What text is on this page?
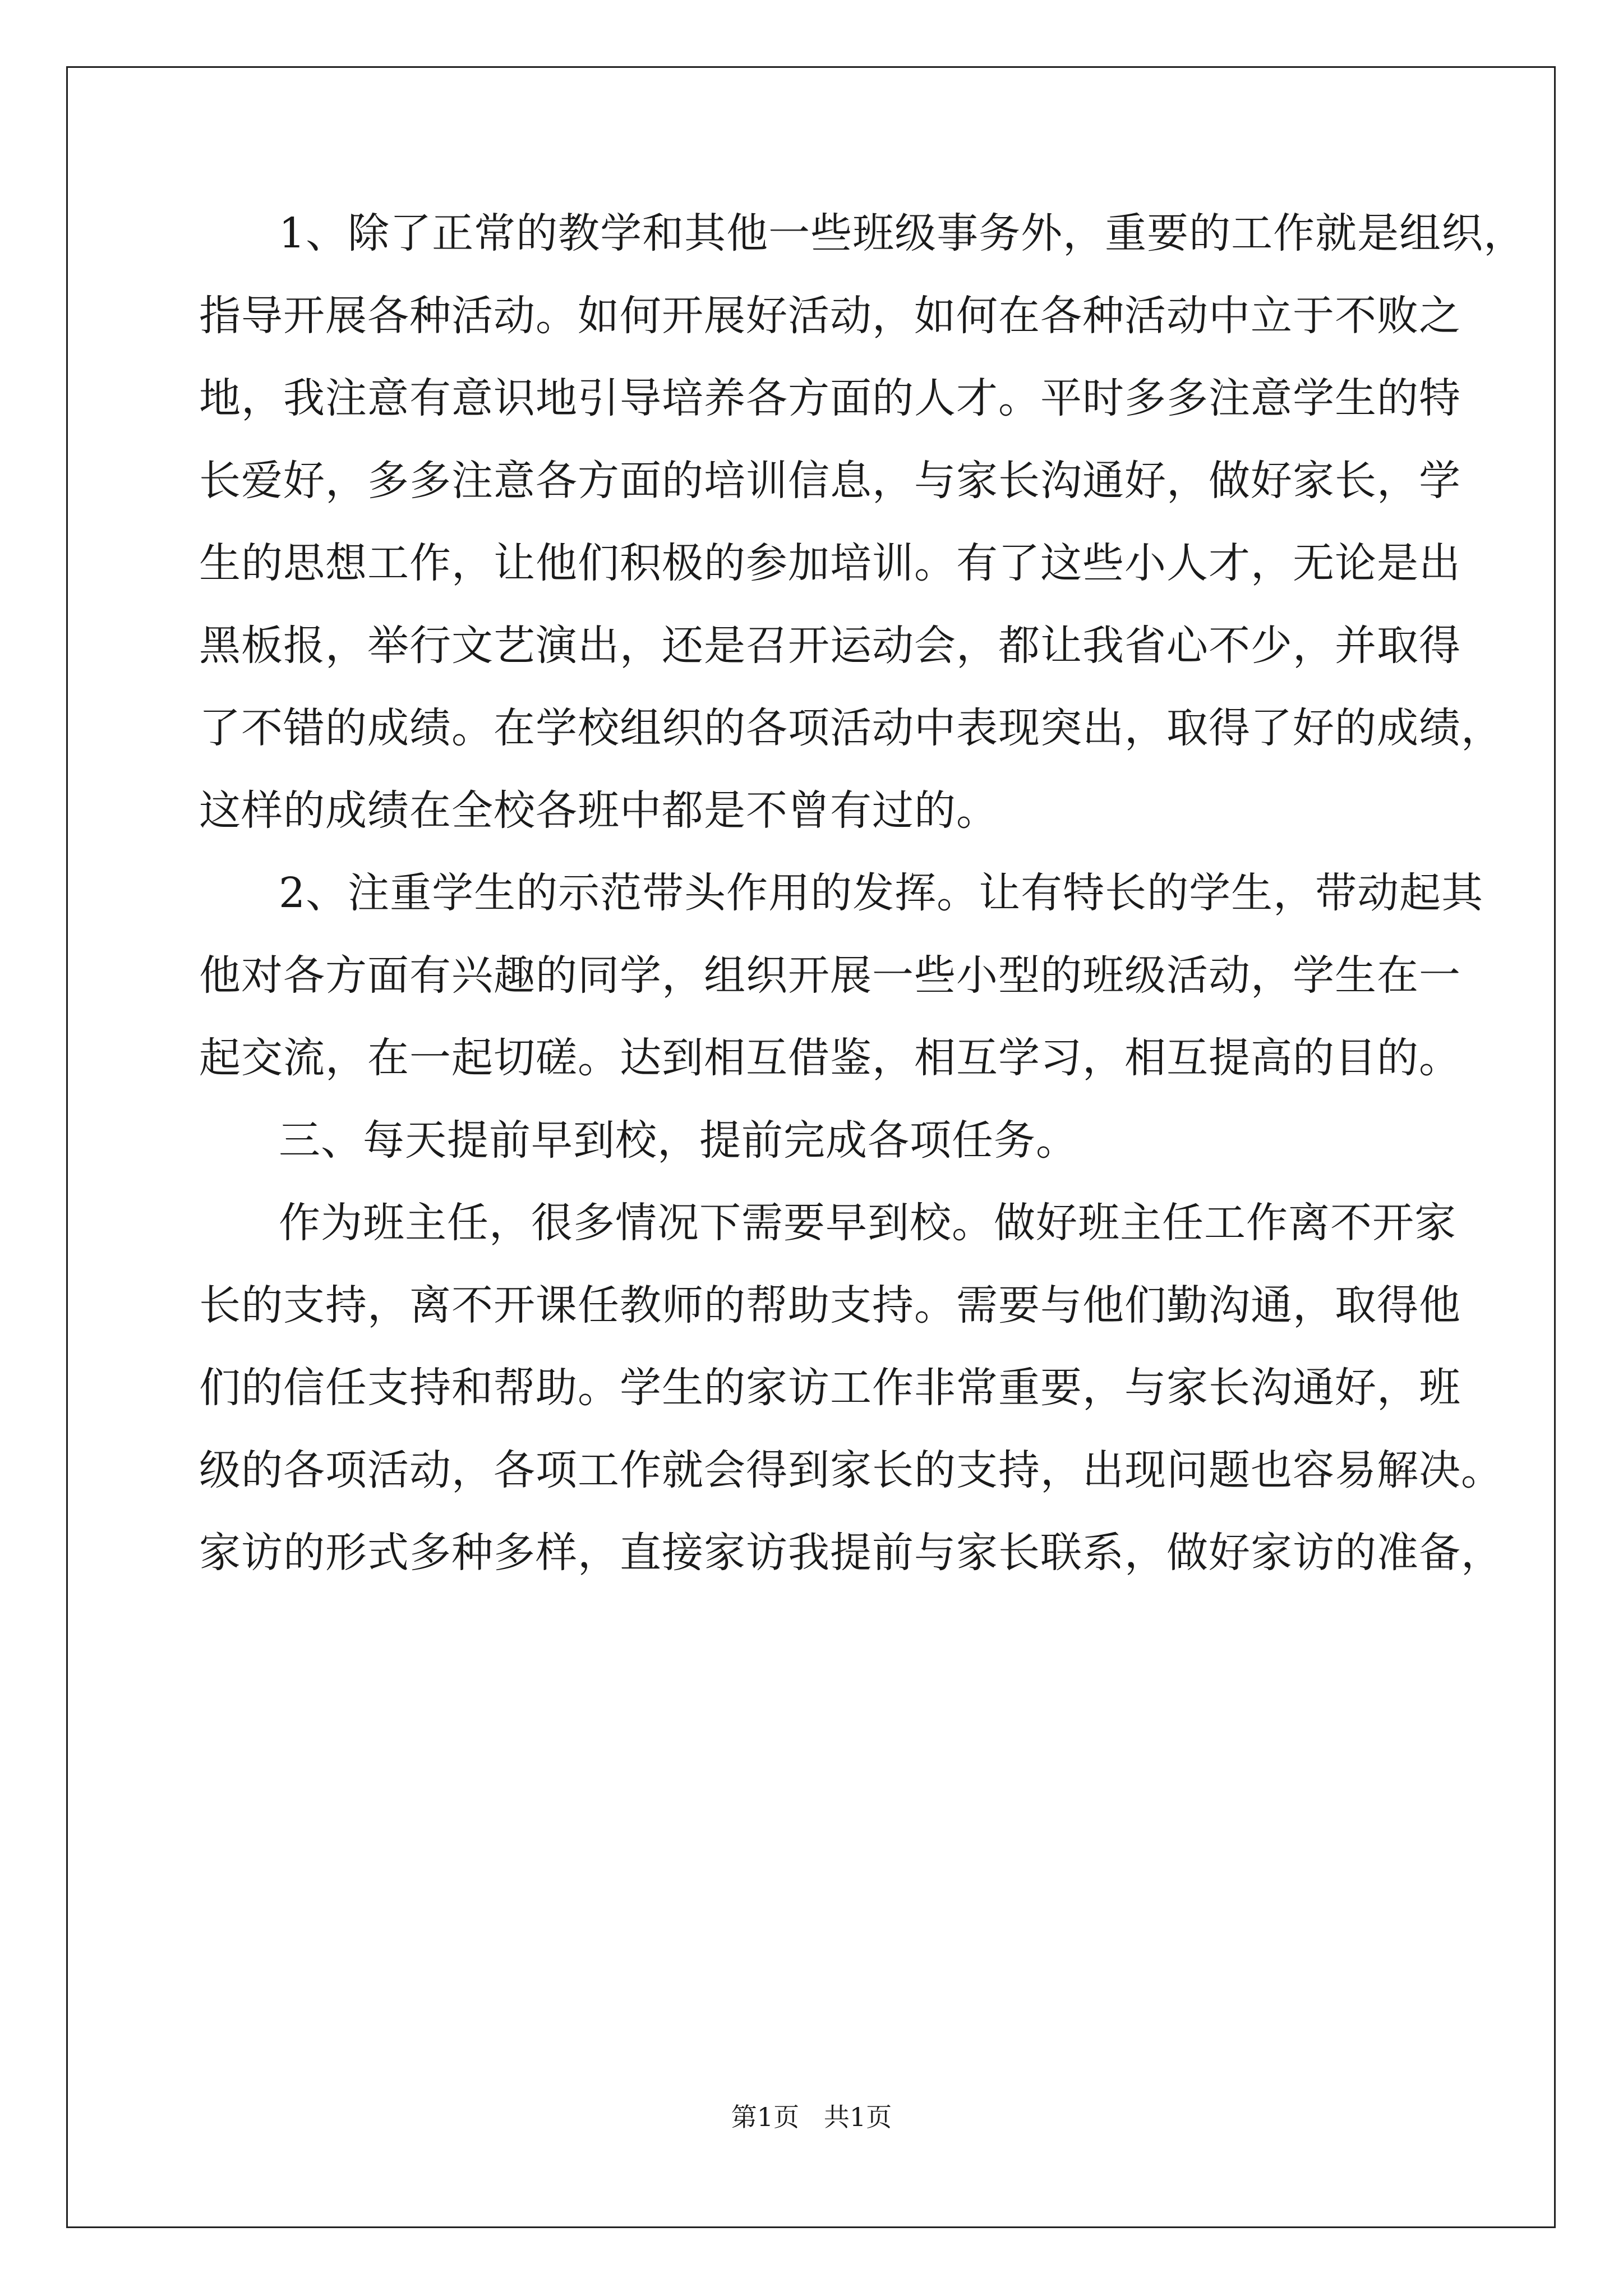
1、除了正常的教学和其他一些班级事务外，重要的工作就是组织，
指导开展各种活动。如何开展好活动，如何在各种活动中立于不败之
地，我注意有意识地引导培养各方面的人才。平时多多注意学生的特
长爱好，多多注意各方面的培训信息，与家长沟通好，做好家长，学
生的思想工作，让他们积极的参加培训。有了这些小人才，无论是出
黑板报，举行文艺演出，还是召开运动会，都让我省心不少，并取得
了不错的成绩。在学校组织的各项活动中表现突出，取得了好的成绩，
这样的成绩在全校各班中都是不曾有过的。
2、注重学生的示范带头作用的发挥。让有特长的学生，带动起其
他对各方面有兴趣的同学，组织开展一些小型的班级活动，学生在一
起交流，在一起切磋。达到相互借鉴，相互学习，相互提高的目的。
三、每天提前早到校，提前完成各项任务。
作为班主任，很多情况下需要早到校。做好班主任工作离不开家
长的支持，离不开课任教师的帮助支持。需要与他们勤沟通，取得他
们的信任支持和帮助。学生的家访工作非常重要，与家长沟通好，班
级的各项活动，各项工作就会得到家长的支持，出现问题也容易解决。
家访的形式多种多样，直接家访我提前与家长联系，做好家访的准备，
第1页   共1页
